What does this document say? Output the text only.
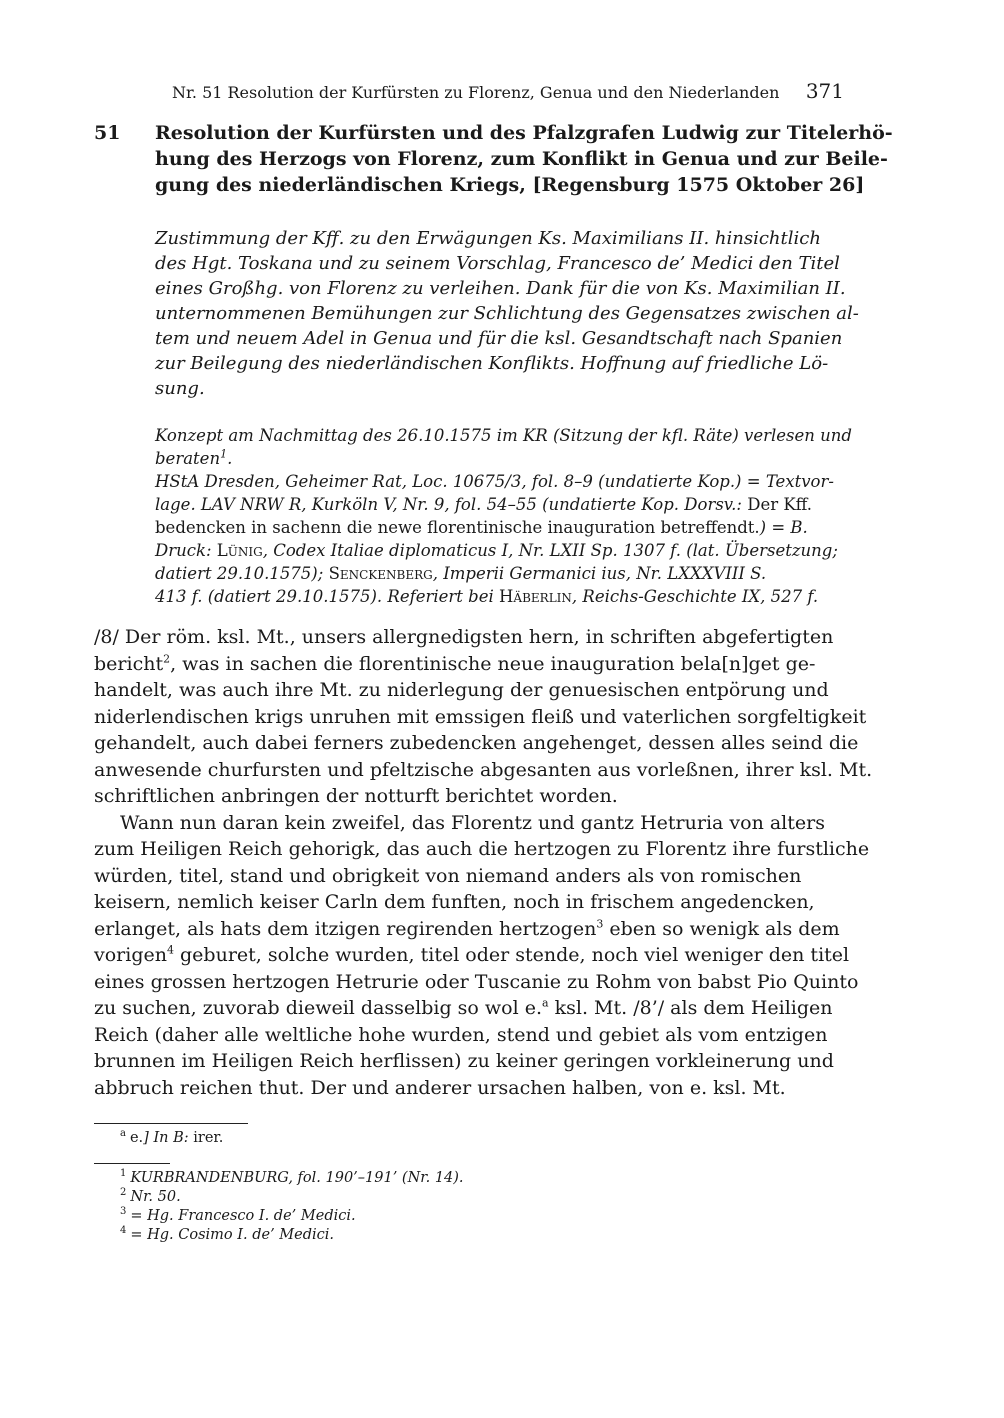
Nr. 51 Resolution der Kurfürsten zu Florenz, Genua und den Niederlanden 371
51 Resolution der Kurfürsten und des Pfalzgrafen Ludwig zur Titelerhö-
hung des Herzogs von Florenz, zum Konflikt in Genua und zur Beile-
gung des niederländischen Kriegs, [Regensburg 1575 Oktober 26]
Zustimmung der Kff. zu den Erwägungen Ks. Maximilians II. hinsichtlich
des Hgt. Toskana und zu seinem Vorschlag, Francesco de’ Medici den Titel
eines Großhg. von Florenz zu verleihen. Dank für die von Ks. Maximilian II.
unternommenen Bemühungen zur Schlichtung des Gegensatzes zwischen al-
tem und neuem Adel in Genua und für die ksl. Gesandtschaft nach Spanien
zur Beilegung des niederländischen Konflikts. Hoffnung auf friedliche Lö-
sung.
Konzept am Nachmittag des 26.10.1575 im KR (Sitzung der kfl. Räte) verlesen und
beraten$^1$.
HStA Dresden, Geheimer Rat, Loc. 10675/3, fol. 8–9 (undatierte Kop.) = Textvor-
lage. LAV NRW R, Kurköln V, Nr. 9, fol. 54–55 (undatierte Kop. Dorsv.: Der Kff.
bedencken in sachenn die newe florentinische inauguration betreffendt.) = B.
Druck: Lünig, Codex Italiae diplomaticus I, Nr. LXII Sp. 1307 f. (lat. Übersetzung;
datiert 29.10.1575); Senckenberg, Imperii Germanici ius, Nr. LXXXVIII S.
413 f. (datiert 29.10.1575). Referiert bei Häberlin, Reichs-Geschichte IX, 527 f.
/8/ Der röm. ksl. Mt., unsers allergnedigsten hern, in schriften abgefertigten
bericht$^2$, was in sachen die florentinische neue inauguration bela[n]get ge-
handelt, was auch ihre Mt. zu niderlegung der genuesischen entpörung und
niderlendischen krigs unruhen mit emssigen fleiß und vaterlichen sorgfeltigkeit
gehandelt, auch dabei ferners zubedencken angehenget, dessen alles seind die
anwesende churfursten und pfeltzische abgesanten aus vorleßnen, ihrer ksl. Mt.
schriftlichen anbringen der notturft berichtet worden.
Wann nun daran kein zweifel, das Florentz und gantz Hetruria von alters
zum Heiligen Reich gehorigk, das auch die hertzogen zu Florentz ihre furstliche
würden, titel, stand und obrigkeit von niemand anders als von romischen
keisern, nemlich keiser Carln dem funften, noch in frischem angedencken,
erlanget, als hats dem itzigen regirenden hertzogen$^3$ eben so wenigk als dem
vorigen$^4$ geburet, solche wurden, titel oder stende, noch viel weniger den titel
eines grossen hertzogen Hetrurie oder Tuscanie zu Rohm von babst Pio Quinto
zu suchen, zuvorab dieweil dasselbig so wol e.$^a$ ksl. Mt. /8’/ als dem Heiligen
Reich (daher alle weltliche hohe wurden, stend und gebiet als vom entzigen
brunnen im Heiligen Reich herflissen) zu keiner geringen vorkleinerung und
abbruch reichen thut. Der und anderer ursachen halben, von e. ksl. Mt.
$^a$ e.] In B: irer.
$^1$ KURBRANDENBURG, fol. 190’–191’ (Nr. 14).
$^2$ Nr. 50.
$^3$ = Hg. Francesco I. de’ Medici.
$^4$ = Hg. Cosimo I. de’ Medici.
